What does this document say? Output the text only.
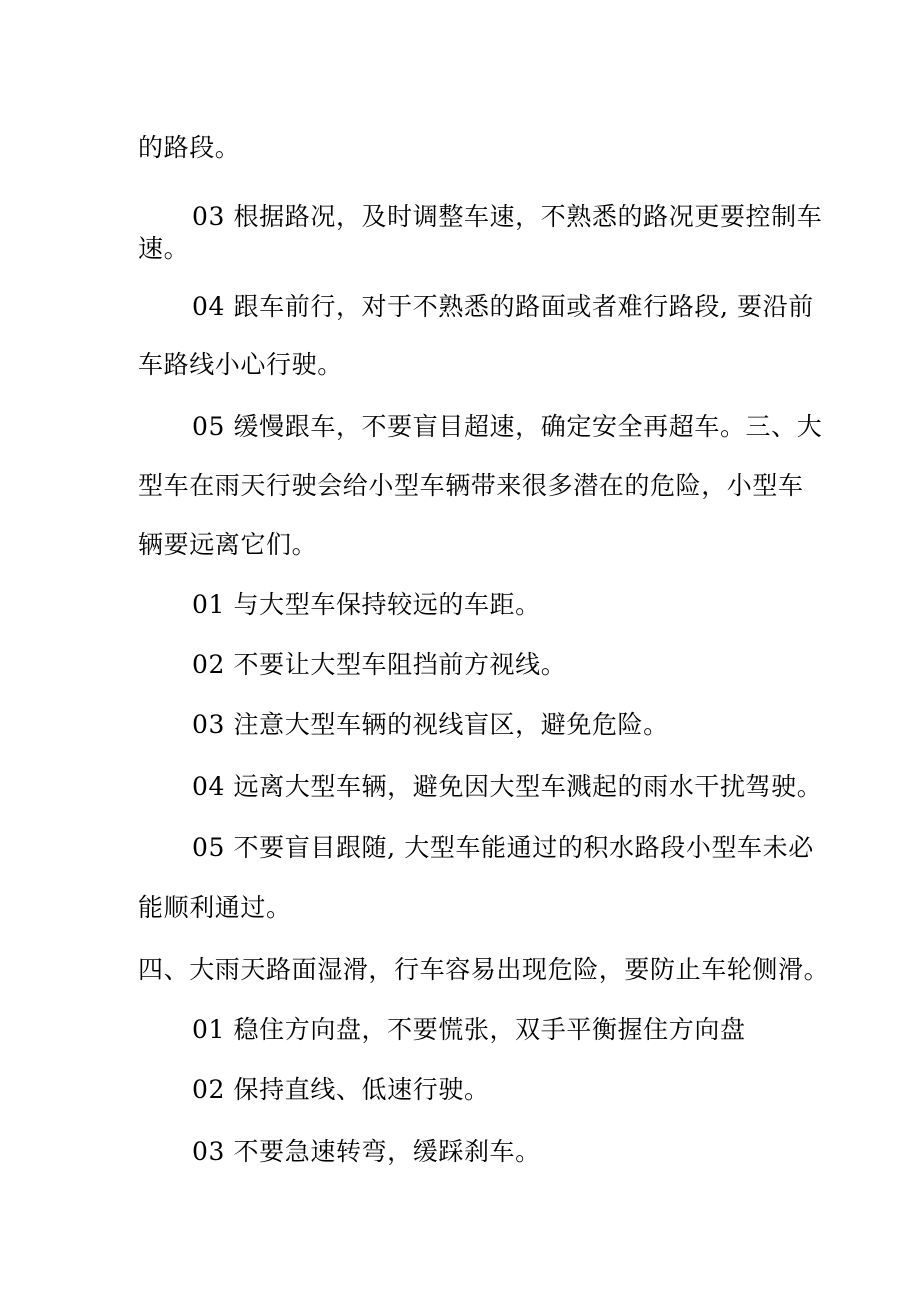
的路段。
03 根据路况，及时调整车速，不熟悉的路况更要控制车
速。
04 跟车前行，对于不熟悉的路面或者难行路段, 要沿前
车路线小心行驶。
05 缓慢跟车，不要盲目超速，确定安全再超车。三、大
型车在雨天行驶会给小型车辆带来很多潜在的危险，小型车
辆要远离它们。
01 与大型车保持较远的车距。
02 不要让大型车阻挡前方视线。
03 注意大型车辆的视线盲区，避免危险。
04 远离大型车辆，避免因大型车溅起的雨水干扰驾驶。
05 不要盲目跟随, 大型车能通过的积水路段小型车未必
能顺利通过。
四、大雨天路面湿滑，行车容易出现危险，要防止车轮侧滑。
01 稳住方向盘，不要慌张，双手平衡握住方向盘
02 保持直线、低速行驶。
03 不要急速转弯，缓踩刹车。
